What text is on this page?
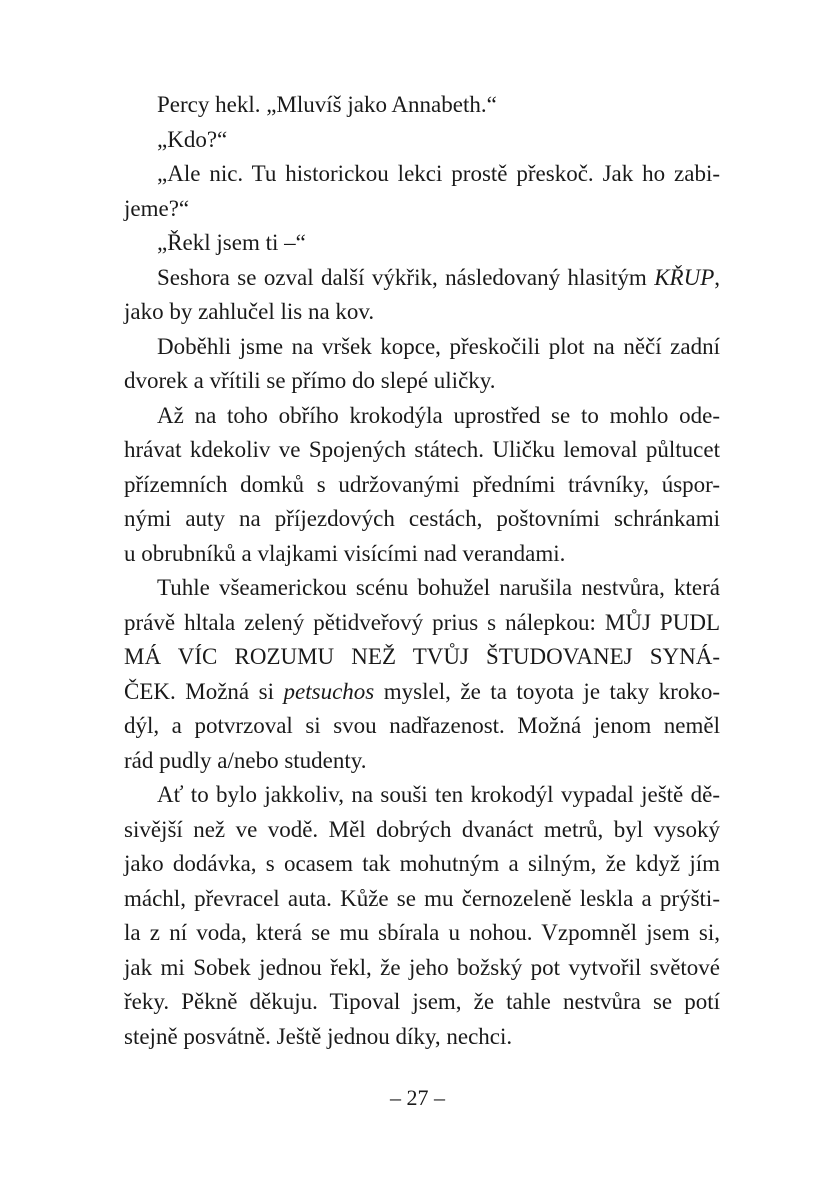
Percy hekl. „Mluvíš jako Annabeth.“
„Kdo?“
„Ale nic. Tu historickou lekci prostě přeskoč. Jak ho zabi-
jeme?“
„Řekl jsem ti –“
Seshora se ozval další výkřik, následovaný hlasitým KŘUP,
jako by zahlučel lis na kov.
Doběhli jsme na vršek kopce, přeskočili plot na něčí zadní
dvorek a vřítili se přímo do slepé uličky.
Až na toho obřího krokodýla uprostřed se to mohlo ode-
hrávat kdekoliv ve Spojených státech. Uličku lemoval půltucet
přízemních domků s udržovanými předními trávníky, úspor-
nými auty na příjezdových cestách, poštovními schránkami
u obrubníků a vlajkami visícími nad verandami.
Tuhle všeamerickou scénu bohužel narušila nestvůra, která
právě hltala zelený pětidveřový prius s nálepkou: MŮJ PUDL
MÁ VÍC ROZUMU NEŽ TVŮJ ŠTUDOVANEJ SYNÁ-
ČEK. Možná si petsuchos myslel, že ta toyota je taky kroko-
dýl, a potvrzoval si svou nadřazenost. Možná jenom neměl
rád pudly a/nebo studenty.
Ať to bylo jakkoliv, na souši ten krokodýl vypadal ještě dě-
sivější než ve vodě. Měl dobrých dvanáct metrů, byl vysoký
jako dodávka, s ocasem tak mohutným a silným, že když jím
máchl, převracel auta. Kůže se mu černozeleně leskla a prýšti-
la z ní voda, která se mu sbírala u nohou. Vzpomněl jsem si,
jak mi Sobek jednou řekl, že jeho božský pot vytvořil světové
řeky. Pěkně děkuju. Tipoval jsem, že tahle nestvůra se potí
stejně posvátně. Ještě jednou díky, nechci.
– 27 –
